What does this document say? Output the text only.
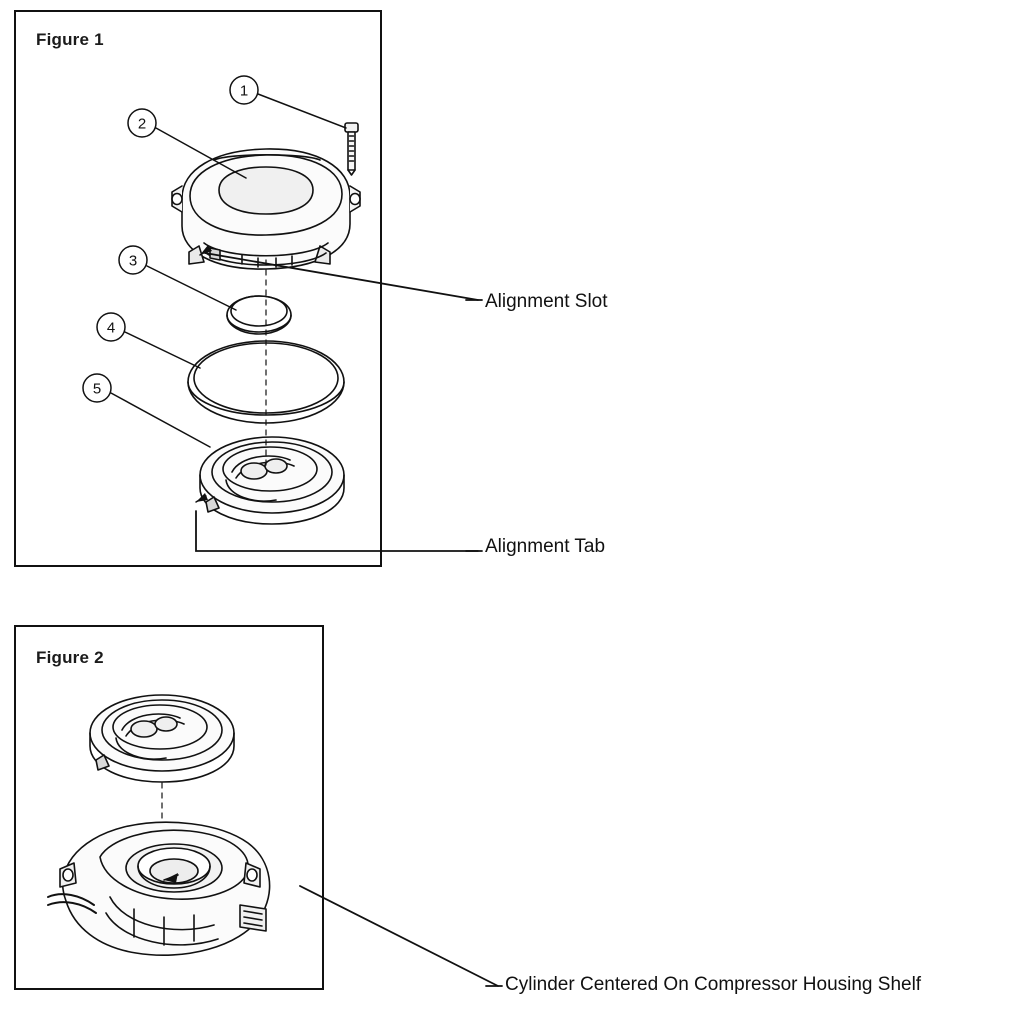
1
2
3
4
5
Figure 1
Figure 2
Alignment Slot
Alignment Tab
Cylinder Centered On Compressor Housing Shelf
